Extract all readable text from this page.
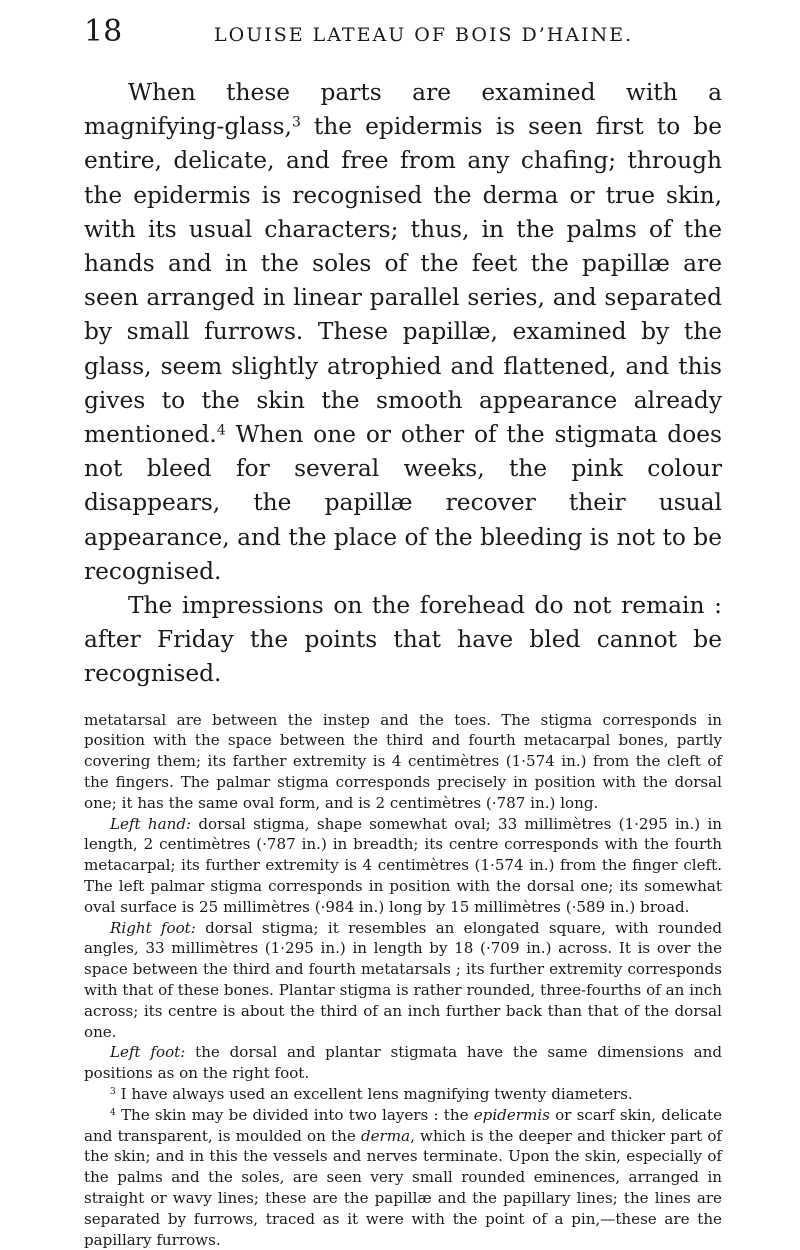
18	LOUISE LATEAU OF BOIS D’HAINE.

When these parts are examined with a magnifying-glass,$^3$ the epidermis is seen first to be entire, delicate, and free from any chafing; through the epidermis is recognised the derma or true skin, with its usual characters; thus, in the palms of the hands and in the soles of the feet the papillæ are seen arranged in linear parallel series, and separated by small furrows. These papillæ, examined by the glass, seem slightly atrophied and flattened, and this gives to the skin the smooth appearance already mentioned.$^4$ When one or other of the stigmata does not bleed for several weeks, the pink colour disappears, the papillæ recover their usual appearance, and the place of the bleeding is not to be recognised.

The impressions on the forehead do not remain : after Friday the points that have bled cannot be recognised.

metatarsal are between the instep and the toes. The stigma corresponds in position with the space between the third and fourth metacarpal bones, partly covering them; its farther extremity is 4 centimètres (1·574 in.) from the cleft of the fingers. The palmar stigma corresponds precisely in position with the dorsal one; it has the same oval form, and is 2 centimètres (·787 in.) long.

Left hand: dorsal stigma, shape somewhat oval; 33 millimètres (1·295 in.) in length, 2 centimètres (·787 in.) in breadth; its centre corresponds with the fourth metacarpal; its further extremity is 4 centimètres (1·574 in.) from the finger cleft. The left palmar stigma corresponds in position with the dorsal one; its somewhat oval surface is 25 millimètres (·984 in.) long by 15 millimètres (·589 in.) broad.

Right foot: dorsal stigma; it resembles an elongated square, with rounded angles, 33 millimètres (1·295 in.) in length by 18 (·709 in.) across. It is over the space between the third and fourth metatarsals ; its further extremity corresponds with that of these bones. Plantar stigma is rather rounded, three-fourths of an inch across; its centre is about the third of an inch further back than that of the dorsal one.

Left foot: the dorsal and plantar stigmata have the same dimensions and positions as on the right foot.

$^3$ I have always used an excellent lens magnifying twenty diameters.

$^4$ The skin may be divided into two layers : the epidermis or scarf skin, delicate and transparent, is moulded on the derma, which is the deeper and thicker part of the skin; and in this the vessels and nerves terminate. Upon the skin, especially of the palms and the soles, are seen very small rounded eminences, arranged in straight or wavy lines; these are the papillæ and the papillary lines; the lines are separated by furrows, traced as it were with the point of a pin,—these are the papillary furrows.
